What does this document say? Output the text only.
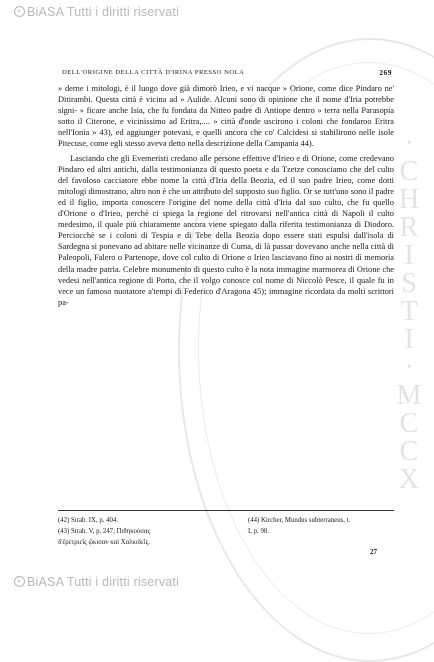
BiASA Tutti i diritti riservati
·
C
H
R
I
S
T
I
·
M
C
C
X
DELL'ORIGINE DELLA CITTÀ D'IRINA PRESSO NOLA	269

» derne i mitologi, è il luogo dove già dimorò Irieo, e vi nacque » Orione, come dice Pindaro ne' Ditirambi. Questa città è vicina ad » Aulide. Alcuni sono di opinione che il nome d'Iria potrebbe signi- » ficare anche Isia, che fu fondata da Nitteo padre di Antiope dentro » terra nella Parasopia sotto il Citerone, e vicinissimo ad Eritra,.... » città d'onde uscirono i coloni che fondaroo Eritra nell'Ionia » 43), ed aggiunger potevasi, e quelli ancora che co' Calcidesi si stabilirono nelle isole Pitecuse, come egli stesso aveva detto nella descrizione della Campania 44).

Lasciando che gli Evemeristi credano alle persone effettive d'Irieo e di Orione, come credevano Pindaro ed altri antichi, dalla testimonianza di questo poeta e da Tzetze conosciamo che del culto del favoloso cacciatore ebbe nome la città d'Iria della Beozia, ed il suo padre Irieo, come dotti mitologi dimostrano, altro non è che un attributo del supposto suo figlio. Or se tutt'uno sono il padre ed il figlio, importa conoscere l'origine del nome della città d'Iria dal suo culto, che fu quello d'Orione o d'Irieo, perchè ci spiega la regione del ritrovarsi nell'antica città di Napoli il culto medesimo, il quale più chiaramente ancora viene spiegato dalla riferita testimonianza di Diodoro. Perciocchè se i coloni di Tespia e di Tebe della Beozia dopo essere stati espulsi dall'isola di Sardegna si ponevano ad abitare nelle vicinanze di Cuma, di là passar dovevano anche nella città di Paleopoli, Falero o Partenope, dove col culto di Orione o Irieo lasciavano fino ai nostri dì memoria della madre patria. Celebre monumento di questo culto è la nota immagine marmorea di Orione che vedesi nell'antica regione di Porto, che il volgo conosce col nome di Niccolò Pesce, il quale fu in vece un famoso nuotatore a'tempi di Federico d'Aragona 45); immagine ricordata da molti scrittori pa-

(42) Strab. IX, p. 404.
(43) Strab. V, p. 247; Πιθηκούσας
δ'ἐρετριεῖς ᾤκισαν καὶ Χαλκιδεῖς.
(44) Kircher, Mundus subterraneus, t.
I, p. 98.
27
BiASA Tutti i diritti riservati
